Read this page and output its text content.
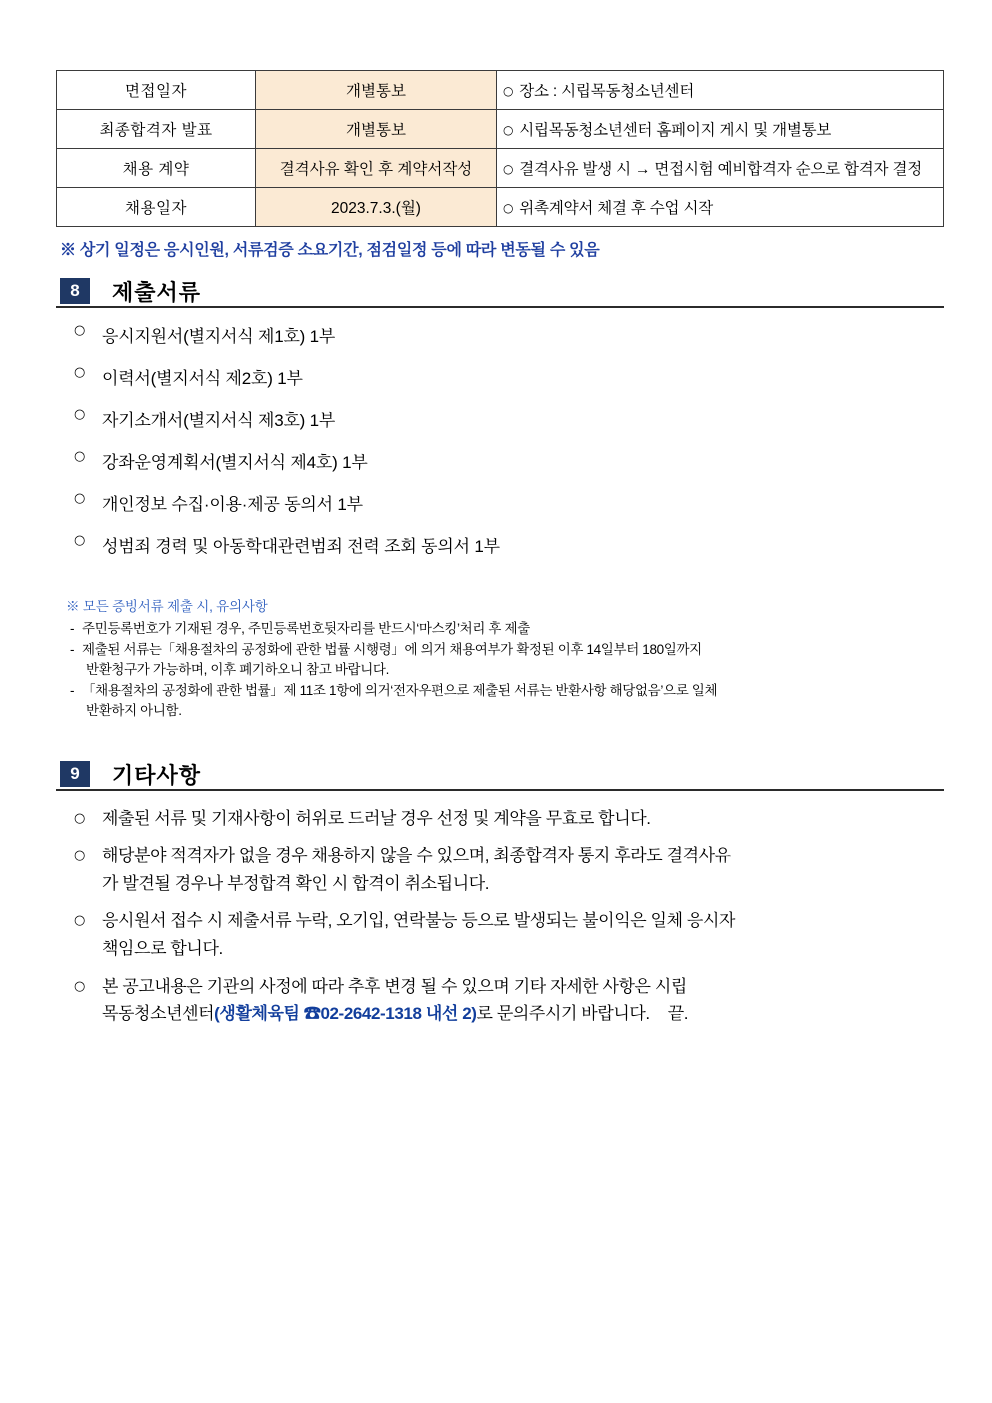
면접일자	개별통보	○ 장소 : 시립목동청소년센터
최종합격자 발표	개별통보	○ 시립목동청소년센터 홈페이지 게시 및 개별통보
채용 계약	결격사유 확인 후 계약서작성	○ 결격사유 발생 시 → 면접시험 예비합격자 순으로 합격자 결정
채용일자	2023.7.3.(월)	○ 위촉계약서 체결 후 수업 시작
※ 상기 일정은 응시인원, 서류검증 소요기간, 점검일정 등에 따라 변동될 수 있음
8	제출서류
○ 응시지원서(별지서식 제1호) 1부
○ 이력서(별지서식 제2호) 1부
○ 자기소개서(별지서식 제3호) 1부
○ 강좌운영계획서(별지서식 제4호) 1부
○ 개인정보 수집·이용·제공 동의서 1부
○ 성범죄 경력 및 아동학대관련범죄 전력 조회 동의서 1부
※ 모든 증빙서류 제출 시, 유의사항
- 주민등록번호가 기재된 경우, 주민등록번호뒷자리를 반드시‘마스킹’처리 후 제출
- 제출된 서류는「채용절차의 공정화에 관한 법률 시행령」에 의거 채용여부가 확정된 이후 14일부터 180일까지
반환청구가 가능하며, 이후 폐기하오니 참고 바랍니다.
- 「채용절차의 공정화에 관한 법률」제 11조 1항에 의거‘전자우편으로 제출된 서류는 반환사항 해당없음’으로 일체
반환하지 아니함.
9	기타사항
○ 제출된 서류 및 기재사항이 허위로 드러날 경우 선정 및 계약을 무효로 합니다.
○ 해당분야 적격자가 없을 경우 채용하지 않을 수 있으며, 최종합격자 통지 후라도 결격사유
가 발견될 경우나 부정합격 확인 시 합격이 취소됩니다.
○ 응시원서 접수 시 제출서류 누락, 오기입, 연락불능 등으로 발생되는 불이익은 일체 응시자
책임으로 합니다.
○ 본 공고내용은 기관의 사정에 따라 추후 변경 될 수 있으며 기타 자세한 사항은 시립
목동청소년센터(생활체육팀 ☎02-2642-1318 내선 2)로 문의주시기 바랍니다. 끝.
